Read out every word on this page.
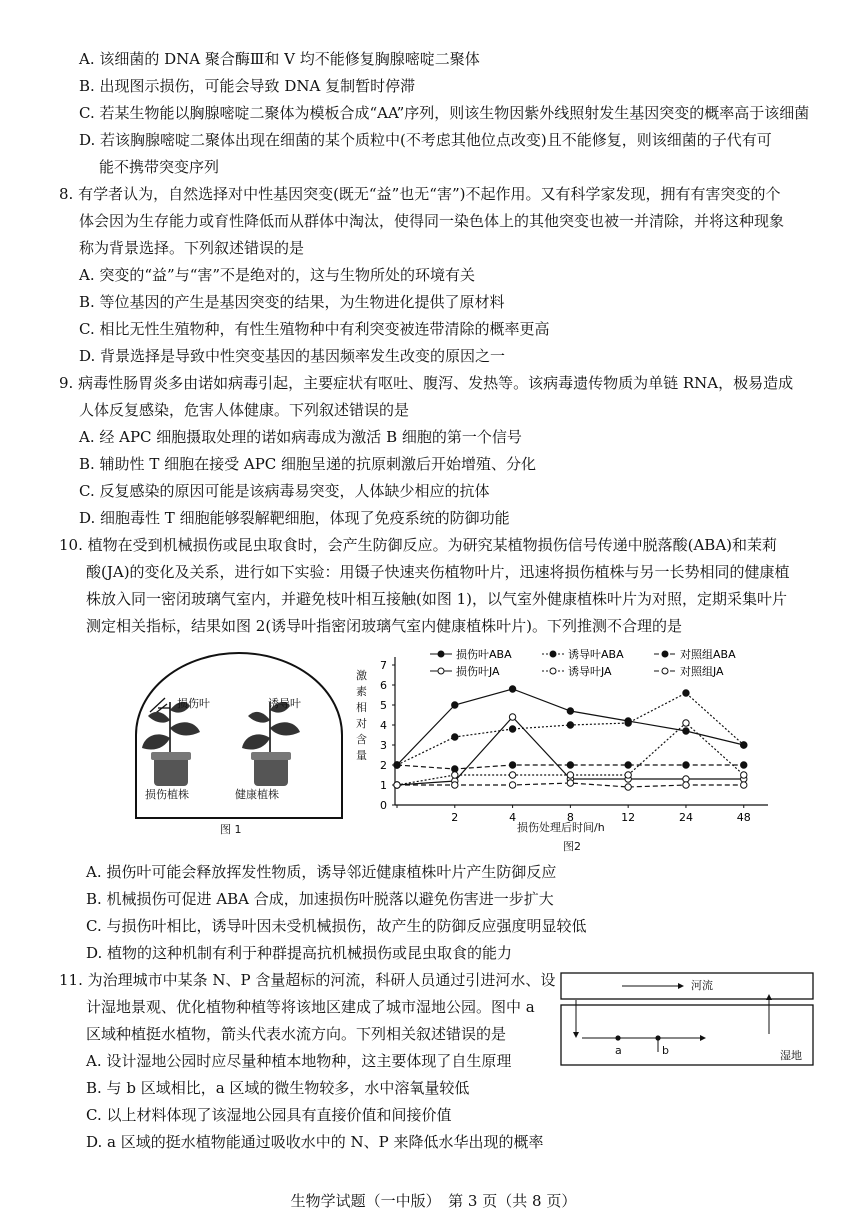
A. 该细菌的 DNA 聚合酶Ⅲ和 V 均不能修复胸腺嘧啶二聚体
B. 出现图示损伤，可能会导致 DNA 复制暂时停滞
C. 若某生物能以胸腺嘧啶二聚体为模板合成“AA”序列，则该生物因紫外线照射发生基因突变的概率高于该细菌
D. 若该胸腺嘧啶二聚体出现在细菌的某个质粒中(不考虑其他位点改变)且不能修复，则该细菌的子代有可
能不携带突变序列
8. 有学者认为，自然选择对中性基因突变(既无“益”也无“害”)不起作用。又有科学家发现，拥有有害突变的个
体会因为生存能力或育性降低而从群体中淘汰，使得同一染色体上的其他突变也被一并清除，并将这种现象
称为背景选择。下列叙述错误的是
A. 突变的“益”与“害”不是绝对的，这与生物所处的环境有关
B. 等位基因的产生是基因突变的结果，为生物进化提供了原材料
C. 相比无性生殖物种，有性生殖物种中有利突变被连带清除的概率更高
D. 背景选择是导致中性突变基因的基因频率发生改变的原因之一
9. 病毒性肠胃炎多由诺如病毒引起，主要症状有呕吐、腹泻、发热等。该病毒遗传物质为单链 RNA，极易造成
人体反复感染，危害人体健康。下列叙述错误的是
A. 经 APC 细胞摄取处理的诺如病毒成为激活 B 细胞的第一个信号
B. 辅助性 T 细胞在接受 APC 细胞呈递的抗原刺激后开始增殖、分化
C. 反复感染的原因可能是该病毒易突变，人体缺少相应的抗体
D. 细胞毒性 T 细胞能够裂解靶细胞，体现了免疫系统的防御功能
10. 植物在受到机械损伤或昆虫取食时，会产生防御反应。为研究某植物损伤信号传递中脱落酸(ABA)和茉莉
酸(JA)的变化及关系，进行如下实验：用镊子快速夹伤植物叶片，迅速将损伤植株与另一长势相同的健康植
株放入同一密闭玻璃气室内，并避免枝叶相互接触(如图 1)，以气室外健康植株叶片为对照，定期采集叶片
测定相关指标，结果如图 2(诱导叶指密闭玻璃气室内健康植株叶片)。下列推测不合理的是
损伤叶	诱导叶
损伤植株	健康植株
图 1
0
1
2
3
4
5
6
7
2	4	8	12	24	48
损伤叶ABA	诱导叶ABA	对照组ABA
损伤叶JA	诱导叶JA	对照组JA
激素相对含量
损伤处理后时间/h
图2
A. 损伤叶可能会释放挥发性物质，诱导邻近健康植株叶片产生防御反应
B. 机械损伤可促进 ABA 合成，加速损伤叶脱落以避免伤害进一步扩大
C. 与损伤叶相比，诱导叶因未受机械损伤，故产生的防御反应强度明显较低
D. 植物的这种机制有利于种群提高抗机械损伤或昆虫取食的能力
11. 为治理城市中某条 N、P 含量超标的河流，科研人员通过引进河水、设
计湿地景观、优化植物种植等将该地区建成了城市湿地公园。图中 a
区域种植挺水植物，箭头代表水流方向。下列相关叙述错误的是
A. 设计湿地公园时应尽量种植本地物种，这主要体现了自生原理
B. 与 b 区域相比，a 区域的微生物较多，水中溶氧量较低
C. 以上材料体现了该湿地公园具有直接价值和间接价值
D. a 区域的挺水植物能通过吸收水中的 N、P 来降低水华出现的概率
河流
湿地
a	b
生物学试题（一中版）　第 3 页（共 8 页）
